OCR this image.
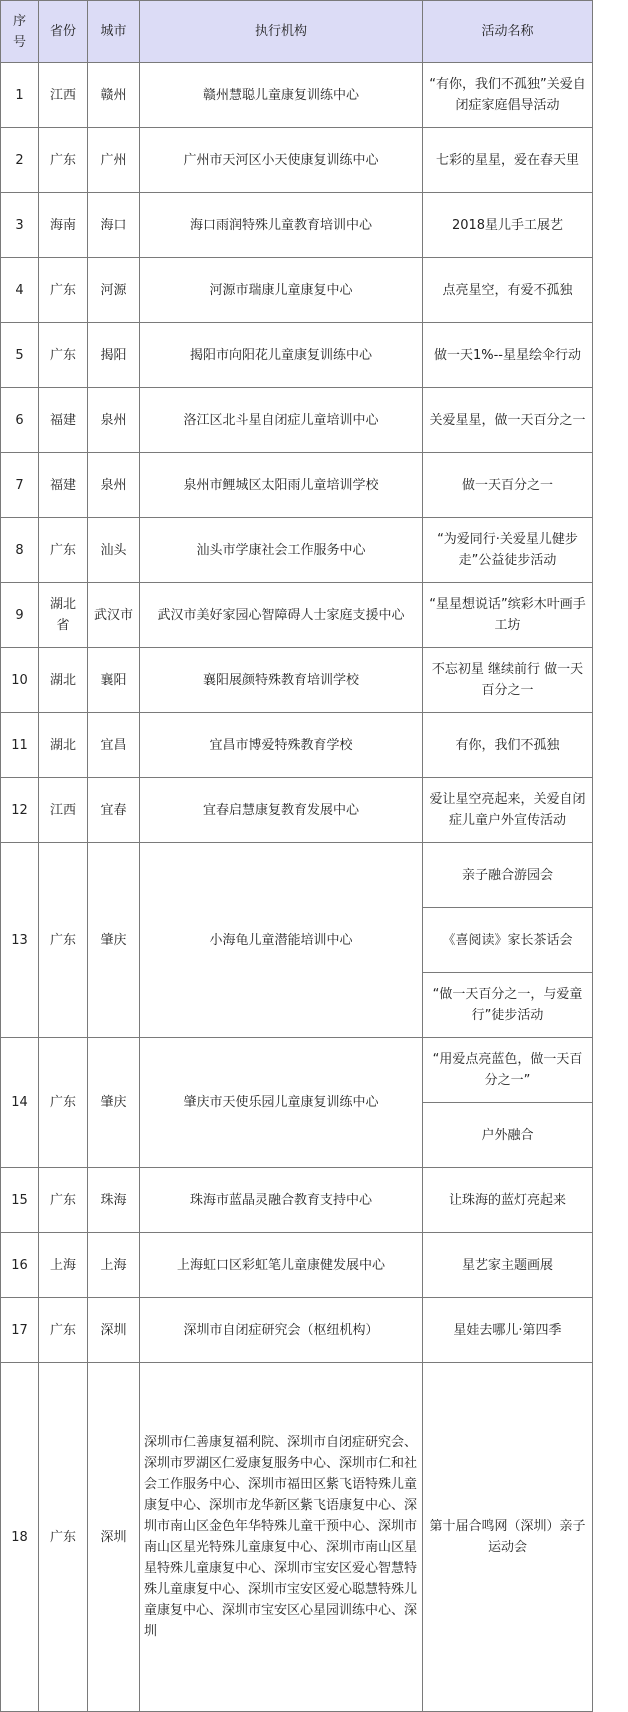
序号	省份	城市	执行机构	活动名称
1	江西	赣州	赣州慧聪儿童康复训练中心	“有你，我们不孤独”关爱自闭症家庭倡导活动
2	广东	广州	广州市天河区小天使康复训练中心	七彩的星星，爱在春天里
3	海南	海口	海口雨润特殊儿童教育培训中心	2018星儿手工展艺
4	广东	河源	河源市瑞康儿童康复中心	点亮星空，有爱不孤独
5	广东	揭阳	揭阳市向阳花儿童康复训练中心	做一天1%--星星绘伞行动
6	福建	泉州	洛江区北斗星自闭症儿童培训中心	关爱星星，做一天百分之一
7	福建	泉州	泉州市鲤城区太阳雨儿童培训学校	做一天百分之一
8	广东	汕头	汕头市学康社会工作服务中心	“为爱同行·关爱星儿健步走”公益徒步活动
9	湖北省	武汉市	武汉市美好家园心智障碍人士家庭支援中心	“星星想说话”缤彩木叶画手工坊
10	湖北	襄阳	襄阳展颜特殊教育培训学校	不忘初星 继续前行 做一天百分之一
11	湖北	宜昌	宜昌市博爱特殊教育学校	有你，我们不孤独
12	江西	宜春	宜春启慧康复教育发展中心	爱让星空亮起来，关爱自闭症儿童户外宣传活动
13	广东	肇庆	小海龟儿童潜能培训中心	亲子融合游园会
				《喜阅读》家长茶话会
				“做一天百分之一，与爱童行”徒步活动
14	广东	肇庆	肇庆市天使乐园儿童康复训练中心	“用爱点亮蓝色，做一天百分之一”
				户外融合
15	广东	珠海	珠海市蓝晶灵融合教育支持中心	让珠海的蓝灯亮起来
16	上海	上海	上海虹口区彩虹笔儿童康健发展中心	星艺家主题画展
17	广东	深圳	深圳市自闭症研究会（枢纽机构）	星娃去哪儿·第四季
18	广东	深圳	深圳市仁善康复福利院、深圳市自闭症研究会、深圳市罗湖区仁爱康复服务中心、深圳市仁和社会工作服务中心、深圳市福田区紫飞语特殊儿童康复中心、深圳市龙华新区紫飞语康复中心、深圳市南山区金色年华特殊儿童干预中心、深圳市南山区星光特殊儿童康复中心、深圳市南山区星星特殊儿童康复中心、深圳市宝安区爱心智慧特殊儿童康复中心、深圳市宝安区爱心聪慧特殊儿童康复中心、深圳市宝安区心星园训练中心、深圳	第十届合鸣网（深圳）亲子运动会
